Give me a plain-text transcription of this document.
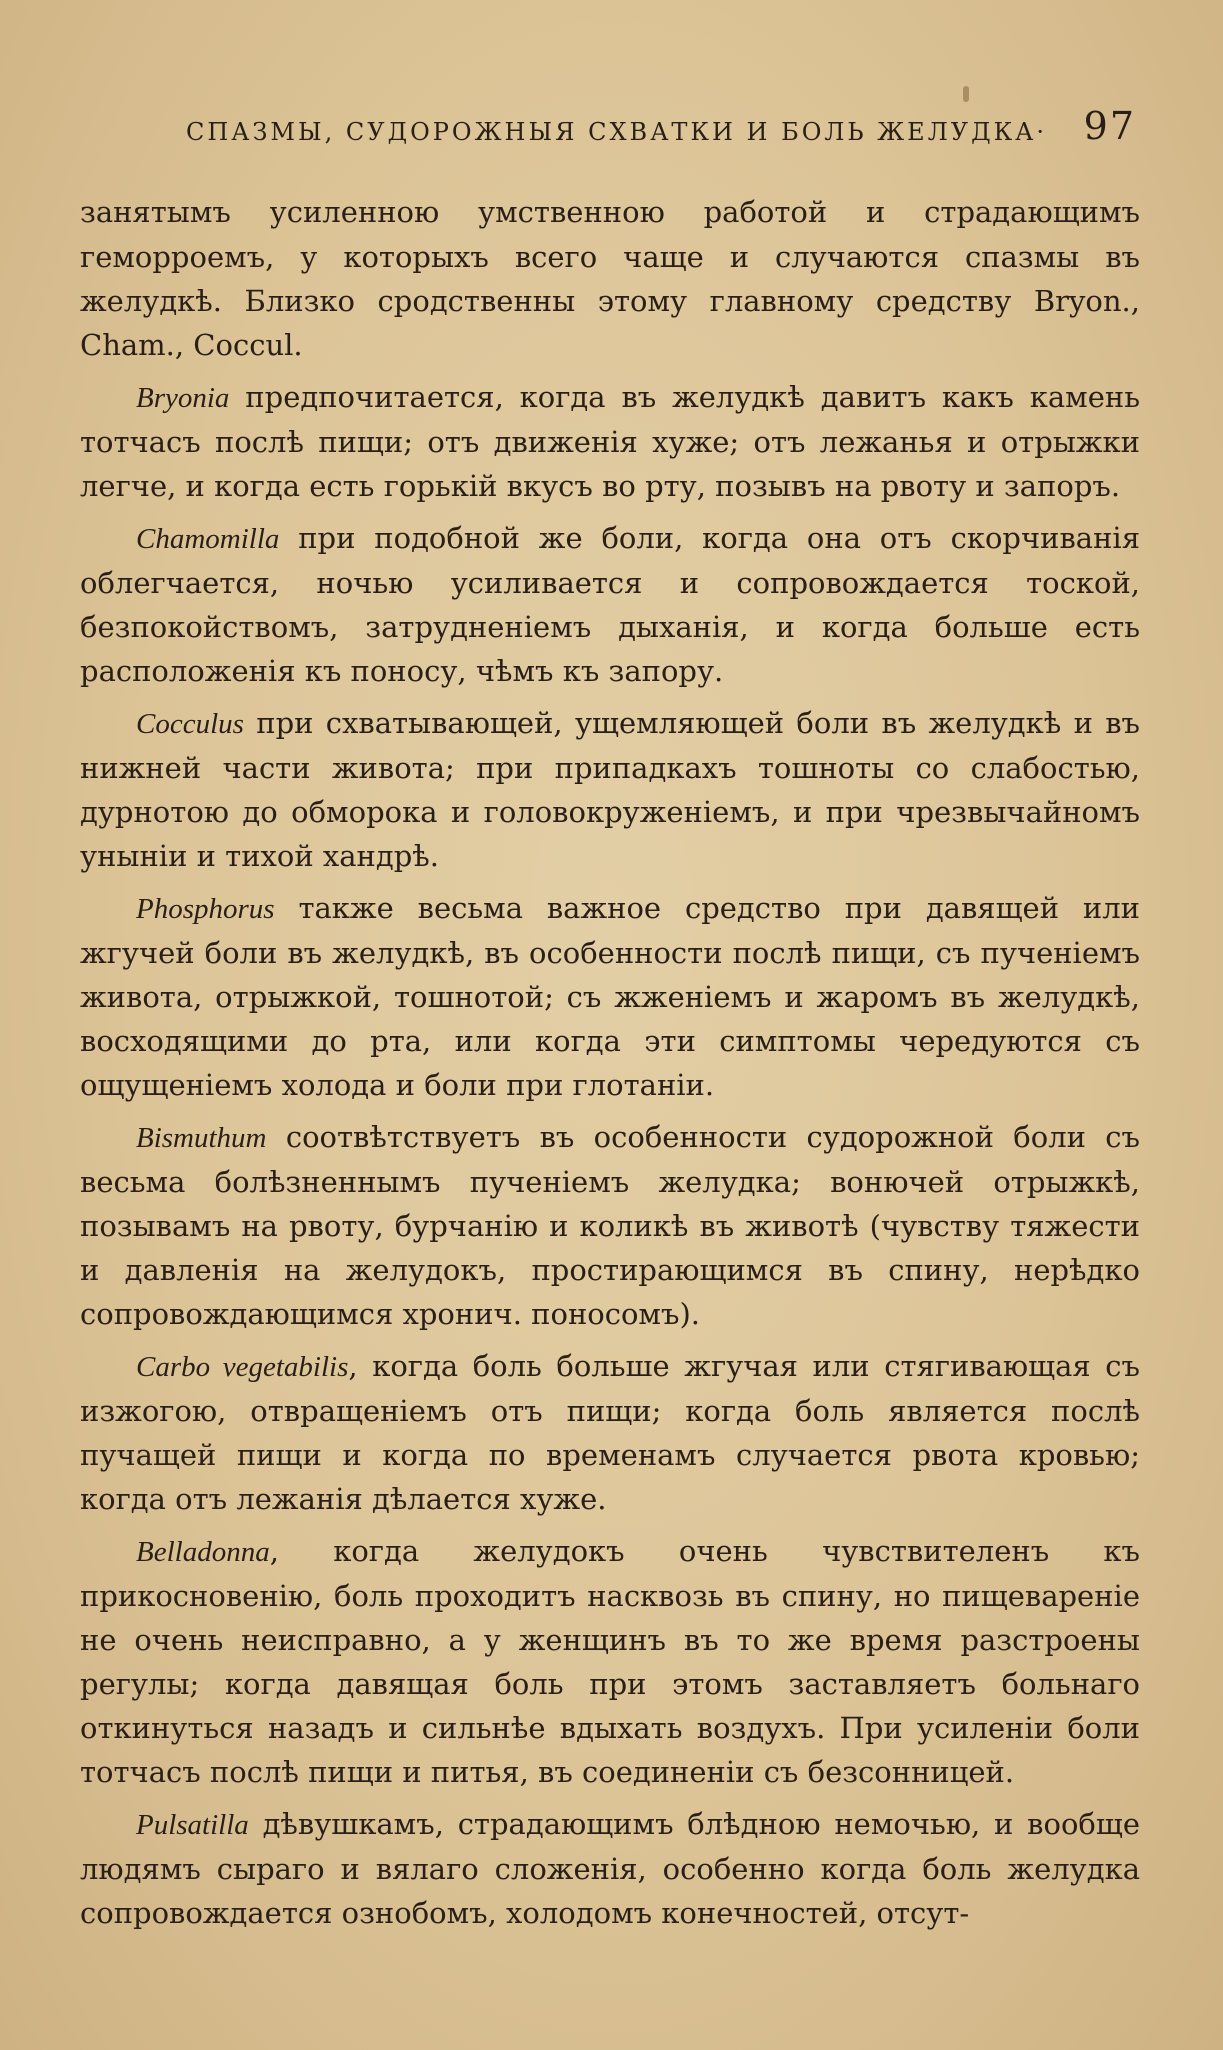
СПАЗМЫ, СУДОРОЖНЫЯ СХВАТКИ И БОЛЬ ЖЕЛУДКА· 97

занятымъ усиленною умственною работой и страдающимъ геморроемъ, у которыхъ всего чаще и случаются спазмы въ желудкѣ. Близко сродственны этому главному средству Bryon., Cham., Coccul.

Bryonia предпочитается, когда въ желудкѣ давитъ какъ камень тотчасъ послѣ пищи; отъ движенія хуже; отъ лежанья и отрыжки легче, и когда есть горькій вкусъ во рту, позывъ на рвоту и запоръ.

Chamomilla при подобной же боли, когда она отъ скорчиванія облегчается, ночью усиливается и сопровождается тоской, безпокойствомъ, затрудненіемъ дыханія, и когда больше есть расположенія къ поносу, чѣмъ къ запору.

Cocculus при схватывающей, ущемляющей боли въ желудкѣ и въ нижней части живота; при припадкахъ тошноты со слабостью, дурнотою до обморока и головокруженіемъ, и при чрезвычайномъ уныніи и тихой хандрѣ.

Phosphorus также весьма важное средство при давящей или жгучей боли въ желудкѣ, въ особенности послѣ пищи, съ пученіемъ живота, отрыжкой, тошнотой; съ жженіемъ и жаромъ въ желудкѣ, восходящими до рта, или когда эти симптомы чередуются съ ощущеніемъ холода и боли при глотаніи.

Bismuthum соотвѣтствуетъ въ особенности судорожной боли съ весьма болѣзненнымъ пученіемъ желудка; вонючей отрыжкѣ, позывамъ на рвоту, бурчанію и коликѣ въ животѣ (чувству тяжести и давленія на желудокъ, простирающимся въ спину, нерѣдко сопровождающимся хронич. поносомъ).

Carbo vegetabilis, когда боль больше жгучая или стягивающая съ изжогою, отвращеніемъ отъ пищи; когда боль является послѣ пучащей пищи и когда по временамъ случается рвота кровью; когда отъ лежанія дѣлается хуже.

Belladonna, когда желудокъ очень чувствителенъ къ прикосновенію, боль проходитъ насквозь въ спину, но пищевареніе не очень неисправно, а у женщинъ въ то же время разстроены регулы; когда давящая боль при этомъ заставляетъ больнаго откинуться назадъ и сильнѣе вдыхать воздухъ. При усиленіи боли тотчасъ послѣ пищи и питья, въ соединеніи съ безсонницей.

Pulsatilla дѣвушкамъ, страдающимъ блѣдною немочью, и вообще людямъ сыраго и вялаго сложенія, особенно когда боль желудка сопровождается ознобомъ, холодомъ конечностей, отсут-
